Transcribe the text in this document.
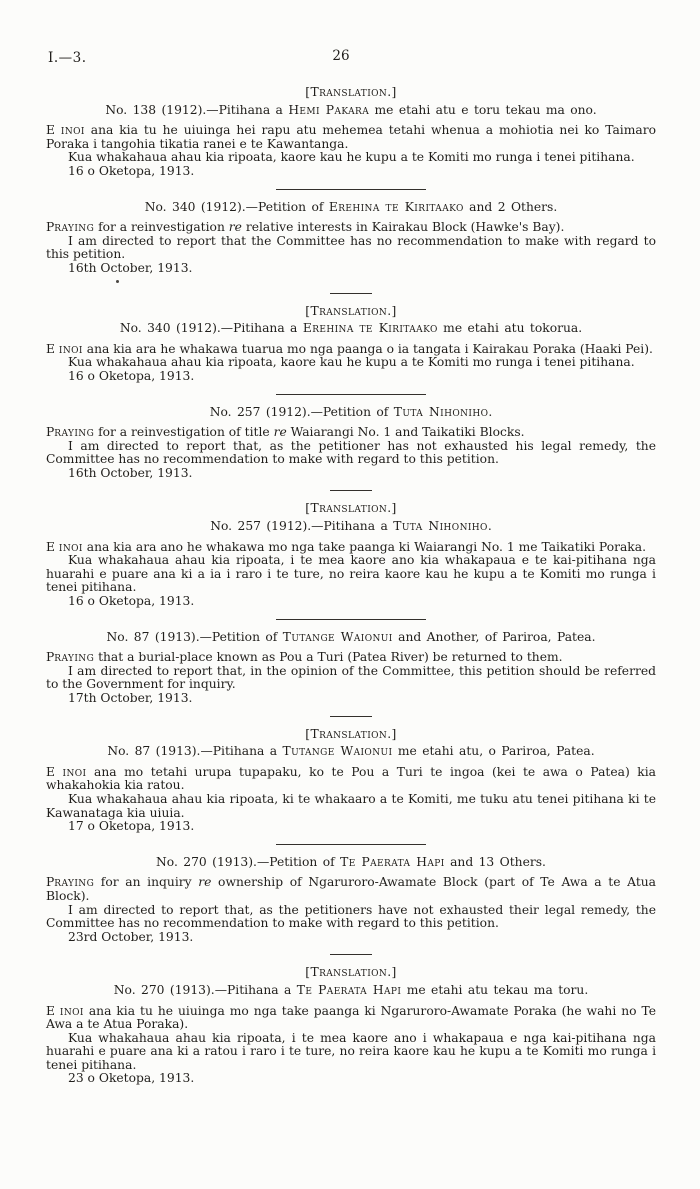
I.—3.	26
[Translation.]
No. 138 (1912).—Pitihana a Hemi Pakara me etahi atu e toru tekau ma ono.

E inoi ana kia tu he uiuinga hei rapu atu mehemea tetahi whenua a mohiotia nei ko Taimaro Poraka i tangohia tikatia ranei e te Kawantanga.

Kua whakahaua ahau kia ripoata, kaore kau he kupu a te Komiti mo runga i tenei pitihana.

16 o Oketopa, 1913.

No. 340 (1912).—Petition of Erehina te Kiritaako and 2 Others.

Praying for a reinvestigation re relative interests in Kairakau Block (Hawke's Bay).

I am directed to report that the Committee has no recommendation to make with regard to this petition.

16th October, 1913.

[Translation.]
No. 340 (1912).—Pitihana a Erehina te Kiritaako me etahi atu tokorua.

E inoi ana kia ara he whakawa tuarua mo nga paanga o ia tangata i Kairakau Poraka (Haaki Pei).

Kua whakahaua ahau kia ripoata, kaore kau he kupu a te Komiti mo runga i tenei pitihana.

16 o Oketopa, 1913.

No. 257 (1912).—Petition of Tuta Nihoniho.

Praying for a reinvestigation of title re Waiarangi No. 1 and Taikatiki Blocks.

I am directed to report that, as the petitioner has not exhausted his legal remedy, the Committee has no recommendation to make with regard to this petition.

16th October, 1913.

[Translation.]
No. 257 (1912).—Pitihana a Tuta Nihoniho.

E inoi ana kia ara ano he whakawa mo nga take paanga ki Waiarangi No. 1 me Taikatiki Poraka.

Kua whakahaua ahau kia ripoata, i te mea kaore ano kia whakapaua e te kai-pitihana nga huarahi e puare ana ki a ia i raro i te ture, no reira kaore kau he kupu a te Komiti mo runga i tenei pitihana.

16 o Oketopa, 1913.

No. 87 (1913).—Petition of Tutange Waionui and Another, of Pariroa, Patea.

Praying that a burial-place known as Pou a Turi (Patea River) be returned to them.

I am directed to report that, in the opinion of the Committee, this petition should be referred to the Government for inquiry.

17th October, 1913.

[Translation.]
No. 87 (1913).—Pitihana a Tutange Waionui me etahi atu, o Pariroa, Patea.

E inoi ana mo tetahi urupa tupapaku, ko te Pou a Turi te ingoa (kei te awa o Patea) kia whakahokia kia ratou.

Kua whakahaua ahau kia ripoata, ki te whakaaro a te Komiti, me tuku atu tenei pitihana ki te Kawanataga kia uiuia.

17 o Oketopa, 1913.

No. 270 (1913).—Petition of Te Paerata Hapi and 13 Others.

Praying for an inquiry re ownership of Ngaruroro-Awamate Block (part of Te Awa a te Atua Block).

I am directed to report that, as the petitioners have not exhausted their legal remedy, the Committee has no recommendation to make with regard to this petition.

23rd October, 1913.

[Translation.]
No. 270 (1913).—Pitihana a Te Paerata Hapi me etahi atu tekau ma toru.

E inoi ana kia tu he uiuinga mo nga take paanga ki Ngaruroro-Awamate Poraka (he wahi no Te Awa a te Atua Poraka).

Kua whakahaua ahau kia ripoata, i te mea kaore ano i whakapaua e nga kai-pitihana nga huarahi e puare ana ki a ratou i raro i te ture, no reira kaore kau he kupu a te Komiti mo runga i tenei pitihana.

23 o Oketopa, 1913.
